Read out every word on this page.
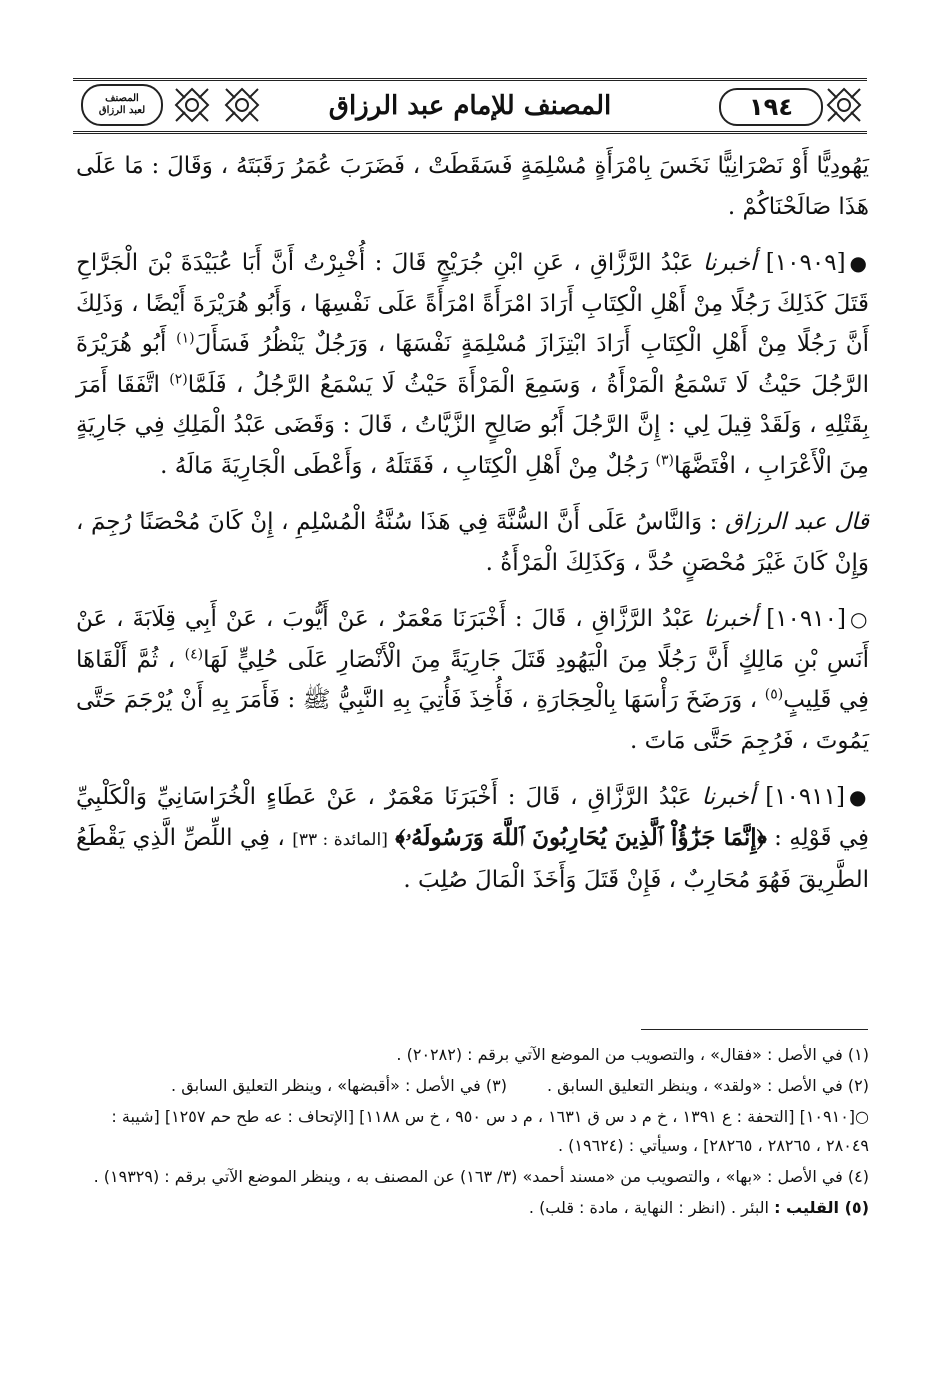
١٩٤
المصنف للإمام عبد الرزاق
المصنف
لعبد الرزاق

يَهُودِيًّا أَوْ نَصْرَانِيًّا نَخَسَ بِامْرَأَةٍ مُسْلِمَةٍ فَسَقَطَتْ ، فَضَرَبَ عُمَرُ رَقَبَتَهُ ، وَقَالَ : مَا عَلَى هَذَا صَالَحْنَاكُمْ .

●[١٠٩٠٩] أخبرنا عَبْدُ الرَّزَّاقِ ، عَنِ ابْنِ جُرَيْجٍ قَالَ : أُخْبِرْتُ أَنَّ أَبَا عُبَيْدَةَ بْنَ الْجَرَّاحِ قَتَلَ كَذَلِكَ رَجُلًا مِنْ أَهْلِ الْكِتَابِ أَرَادَ امْرَأَةً امْرَأَةً عَلَى نَفْسِهَا ، وَأَبُو هُرَيْرَةَ أَيْضًا ، وَذَلِكَ أَنَّ رَجُلًا مِنْ أَهْلِ الْكِتَابِ أَرَادَ ابْتِزَازَ مُسْلِمَةٍ نَفْسَهَا ، وَرَجُلٌ يَنْظُرُ فَسَأَلَ$^{(١)}$ أَبُو هُرَيْرَةَ الرَّجُلَ حَيْثُ لَا تَسْمَعُ الْمَرْأَةُ ، وَسَمِعَ الْمَرْأَةَ حَيْثُ لَا يَسْمَعُ الرَّجُلُ ، فَلَمَّا$^{(٢)}$ اتَّفَقَا أَمَرَ بِقَتْلِهِ ، وَلَقَدْ قِيلَ لِي : إِنَّ الرَّجُلَ أَبُو صَالِحٍ الزَّيَّاتُ ، قَالَ : وَقَضَى عَبْدُ الْمَلِكِ فِي جَارِيَةٍ مِنَ الْأَعْرَابِ ، افْتَضَّهَا$^{(٣)}$ رَجُلٌ مِنْ أَهْلِ الْكِتَابِ ، فَقَتَلَهُ ، وَأَعْطَى الْجَارِيَةَ مَالَهُ .

قال عبد الرزاق : وَالنَّاسُ عَلَى أَنَّ السُّنَّةَ فِي هَذَا سُنَّةُ الْمُسْلِمِ ، إِنْ كَانَ مُحْصَنًا رُجِمَ ، وَإِنْ كَانَ غَيْرَ مُحْصَنٍ حُدَّ ، وَكَذَلِكَ الْمَرْأَةُ .

○[١٠٩١٠] أخبرنا عَبْدُ الرَّزَّاقِ ، قَالَ : أَخْبَرَنَا مَعْمَرٌ ، عَنْ أَيُّوبَ ، عَنْ أَبِي قِلَابَةَ ، عَنْ أَنَسِ بْنِ مَالِكٍ أَنَّ رَجُلًا مِنَ الْيَهُودِ قَتَلَ جَارِيَةً مِنَ الْأَنْصَارِ عَلَى حُلِيٍّ لَهَا$^{(٤)}$ ، ثُمَّ أَلْقَاهَا فِي قَلِيبٍ$^{(٥)}$ ، وَرَضَخَ رَأْسَهَا بِالْحِجَارَةِ ، فَأُخِذَ فَأُتِيَ بِهِ النَّبِيُّ ﷺ : فَأَمَرَ بِهِ أَنْ يُرْجَمَ حَتَّى يَمُوتَ ، فَرُجِمَ حَتَّى مَاتَ .

●[١٠٩١١] أخبرنا عَبْدُ الرَّزَّاقِ ، قَالَ : أَخْبَرَنَا مَعْمَرٌ ، عَنْ عَطَاءٍ الْخُرَاسَانِيِّ وَالْكَلْبِيِّ فِي قَوْلِهِ : ﴿إِنَّمَا جَزَٰٓؤُاْ ٱلَّذِينَ يُحَارِبُونَ ٱللَّهَ وَرَسُولَهُۥ﴾ [المائدة : ٣٣] ، فِي اللِّصِّ الَّذِي يَقْطَعُ الطَّرِيقَ فَهُوَ مُحَارِبٌ ، فَإِنْ قَتَلَ وَأَخَذَ الْمَالَ صُلِبَ .

(١) في الأصل : «فقال» ، والتصويب من الموضع الآتي برقم : (٢٠٢٨٢) .
(٢) في الأصل : «ولقد» ، وينظر التعليق السابق .
(٣) في الأصل : «أقبضها» ، وينظر التعليق السابق .
○[١٠٩١٠] [التحفة : ع ١٣٩١ ، خ م د س ق ١٦٣١ ، م د س ٩٥٠ ، خ س ١١٨٨] [الإتحاف : عه طح حم ١٢٥٧] [شيبة : ٢٨٠٤٩ ، ٢٨٢٦٥ ، ٢٨٢٦٥] ، وسيأتي : (١٩٦٢٤) .
(٤) في الأصل : «بها» ، والتصويب من «مسند أحمد» (٣/ ١٦٣) عن المصنف به ، وينظر الموضع الآتي برقم : (١٩٣٢٩) .
(٥) القليب : البئر . (انظر : النهاية ، مادة : قلب) .
